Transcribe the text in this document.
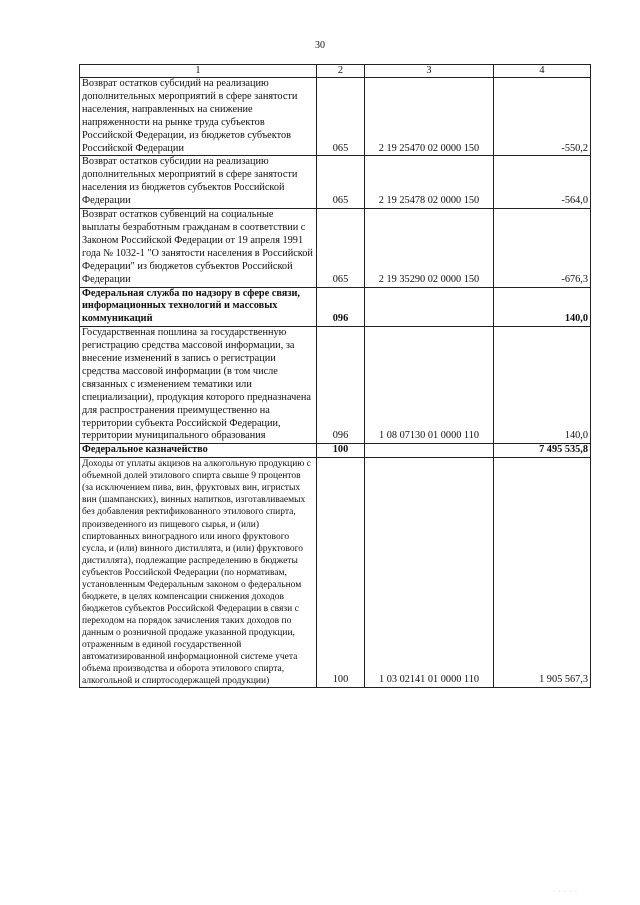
30
1	2	3	4
Возврат остатков субсидий на реализацию дополнительных мероприятий в сфере занятости населения, направленных на снижение напряженности на рынке труда субъектов Российской Федерации, из бюджетов субъектов Российской Федерации	065	2 19 25470 02 0000 150	-550,2
Возврат остатков субсидии на реализацию дополнительных мероприятий в сфере занятости населения из бюджетов субъектов Российской Федерации	065	2 19 25478 02 0000 150	-564,0
Возврат остатков субвенций на социальные выплаты безработным гражданам в соответствии с Законом Российской Федерации от 19 апреля 1991 года № 1032-1 "О занятости населения в Российской Федерации" из бюджетов субъектов Российской Федерации	065	2 19 35290 02 0000 150	-676,3
Федеральная служба по надзору в сфере связи, информационных технологий и массовых коммуникаций	096		140,0
Государственная пошлина за государственную регистрацию средства массовой информации, за внесение изменений в запись о регистрации средства массовой информации (в том числе связанных с изменением тематики или специализации), продукция которого предназначена для распространения преимущественно на территории субъекта Российской Федерации, территории муниципального образования	096	1 08 07130 01 0000 110	140,0
Федеральное казначейство	100		7 495 535,8
Доходы от уплаты акцизов на алкогольную продукцию с объемной долей этилового спирта свыше 9 процентов (за исключением пива, вин, фруктовых вин, игристых вин (шампанских), винных напитков, изготавливаемых без добавления ректификованного этилового спирта, произведенного из пищевого сырья, и (или) спиртованных виноградного или иного фруктового сусла, и (или) винного дистиллята, и (или) фруктового дистиллята), подлежащие распределению в бюджеты субъектов Российской Федерации (по нормативам, установленным Федеральным законом о федеральном бюджете, в целях компенсации снижения доходов бюджетов субъектов Российской Федерации в связи с переходом на порядок зачисления таких доходов по данным о розничной продаже указанной продукции, отраженным в единой государственной автоматизированной информационной системе учета объема производства и оборота этилового спирта, алкогольной и спиртосодержащей продукции)	100	1 03 02141 01 0000 110	1 905 567,3
· · · · ·
